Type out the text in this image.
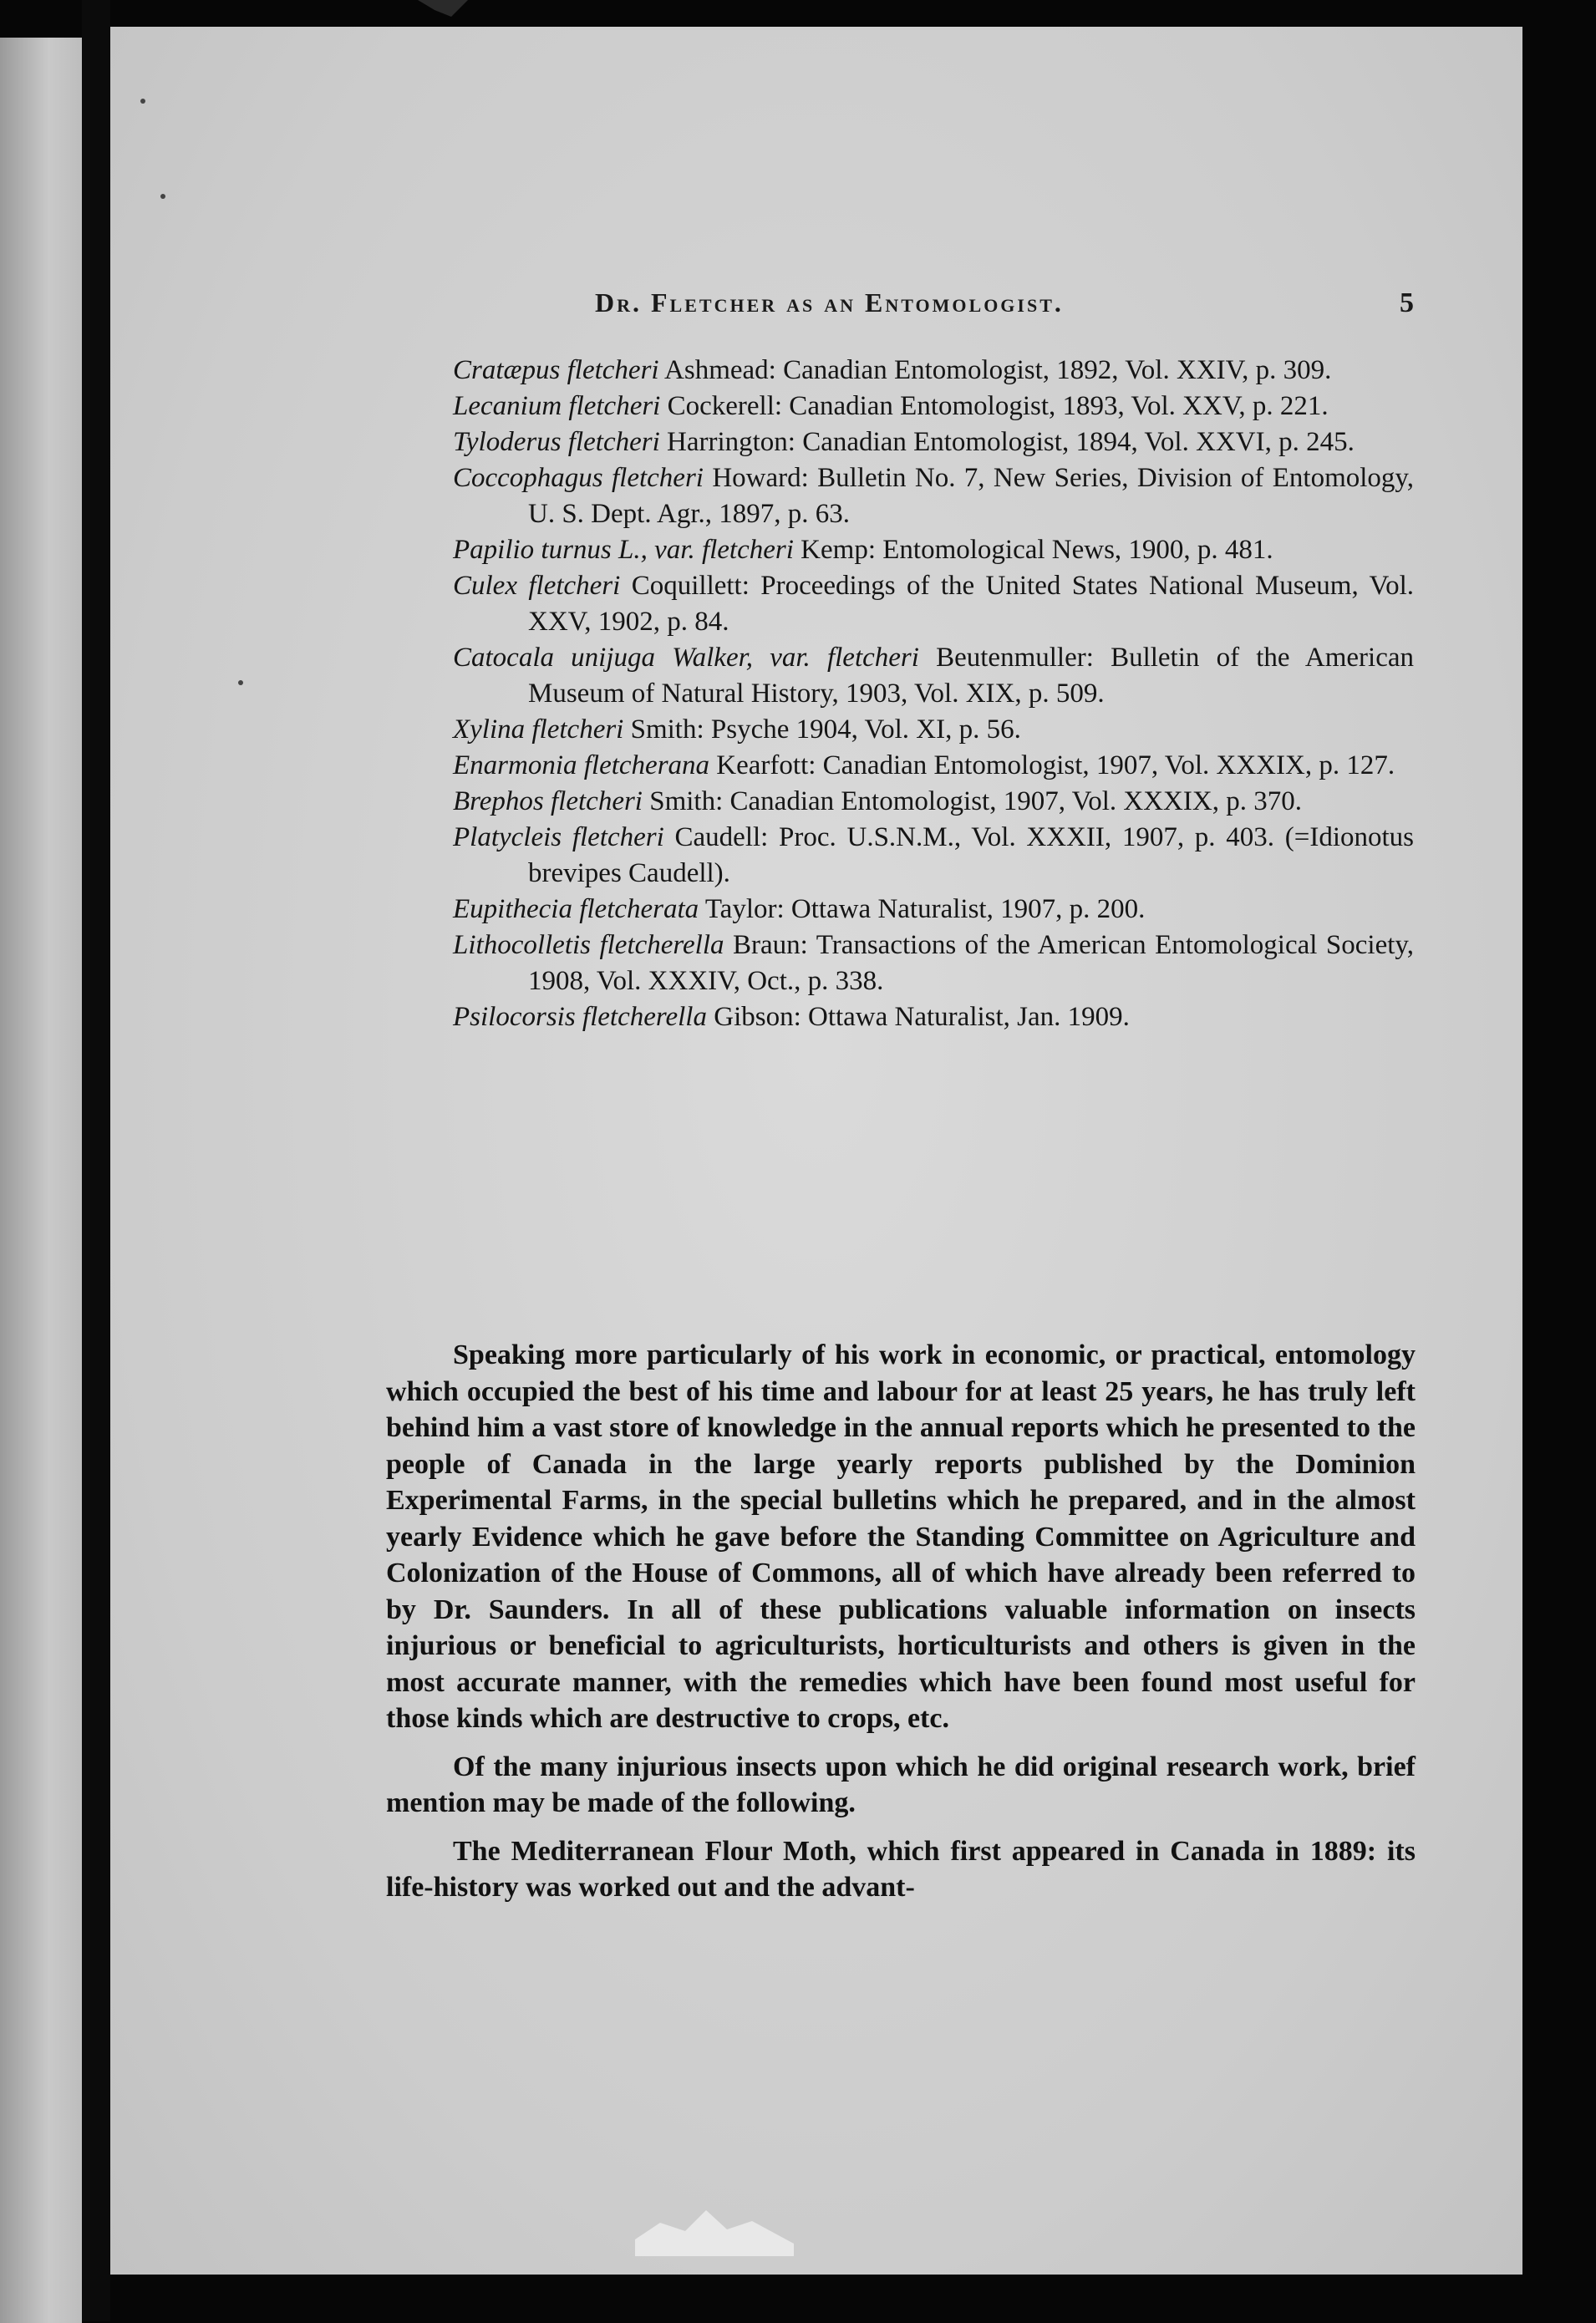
Dr. Fletcher as an Entomologist.	5

Cratæpus fletcheri Ashmead: Canadian Entomologist, 1892, Vol. XXIV, p. 309.

Lecanium fletcheri Cockerell: Canadian Entomologist, 1893, Vol. XXV, p. 221.

Tyloderus fletcheri Harrington: Canadian Entomologist, 1894, Vol. XXVI, p. 245.

Coccophagus fletcheri Howard: Bulletin No. 7, New Series, Division of Entomology, U. S. Dept. Agr., 1897, p. 63.

Papilio turnus L., var. fletcheri Kemp: Entomological News, 1900, p. 481.

Culex fletcheri Coquillett: Proceedings of the United States National Museum, Vol. XXV, 1902, p. 84.

Catocala unijuga Walker, var. fletcheri Beutenmuller: Bulletin of the American Museum of Natural History, 1903, Vol. XIX, p. 509.

Xylina fletcheri Smith: Psyche 1904, Vol. XI, p. 56.

Enarmonia fletcherana Kearfott: Canadian Entomologist, 1907, Vol. XXXIX, p. 127.

Brephos fletcheri Smith: Canadian Entomologist, 1907, Vol. XXXIX, p. 370.

Platycleis fletcheri Caudell: Proc. U.S.N.M., Vol. XXXII, 1907, p. 403. (=Idionotus brevipes Caudell).

Eupithecia fletcherata Taylor: Ottawa Naturalist, 1907, p. 200.

Lithocolletis fletcherella Braun: Transactions of the American Entomological Society, 1908, Vol. XXXIV, Oct., p. 338.

Psilocorsis fletcherella Gibson: Ottawa Naturalist, Jan. 1909.

Speaking more particularly of his work in economic, or practical, entomology which occupied the best of his time and labour for at least 25 years, he has truly left behind him a vast store of knowledge in the annual reports which he presented to the people of Canada in the large yearly reports published by the Dominion Experimental Farms, in the special bulletins which he prepared, and in the almost yearly Evidence which he gave before the Standing Committee on Agriculture and Colonization of the House of Commons, all of which have already been referred to by Dr. Saunders. In all of these publications valuable information on insects injurious or beneficial to agriculturists, horticulturists and others is given in the most accurate manner, with the remedies which have been found most useful for those kinds which are destructive to crops, etc.

Of the many injurious insects upon which he did original research work, brief mention may be made of the following.

The Mediterranean Flour Moth, which first appeared in Canada in 1889: its life-history was worked out and the advant-
